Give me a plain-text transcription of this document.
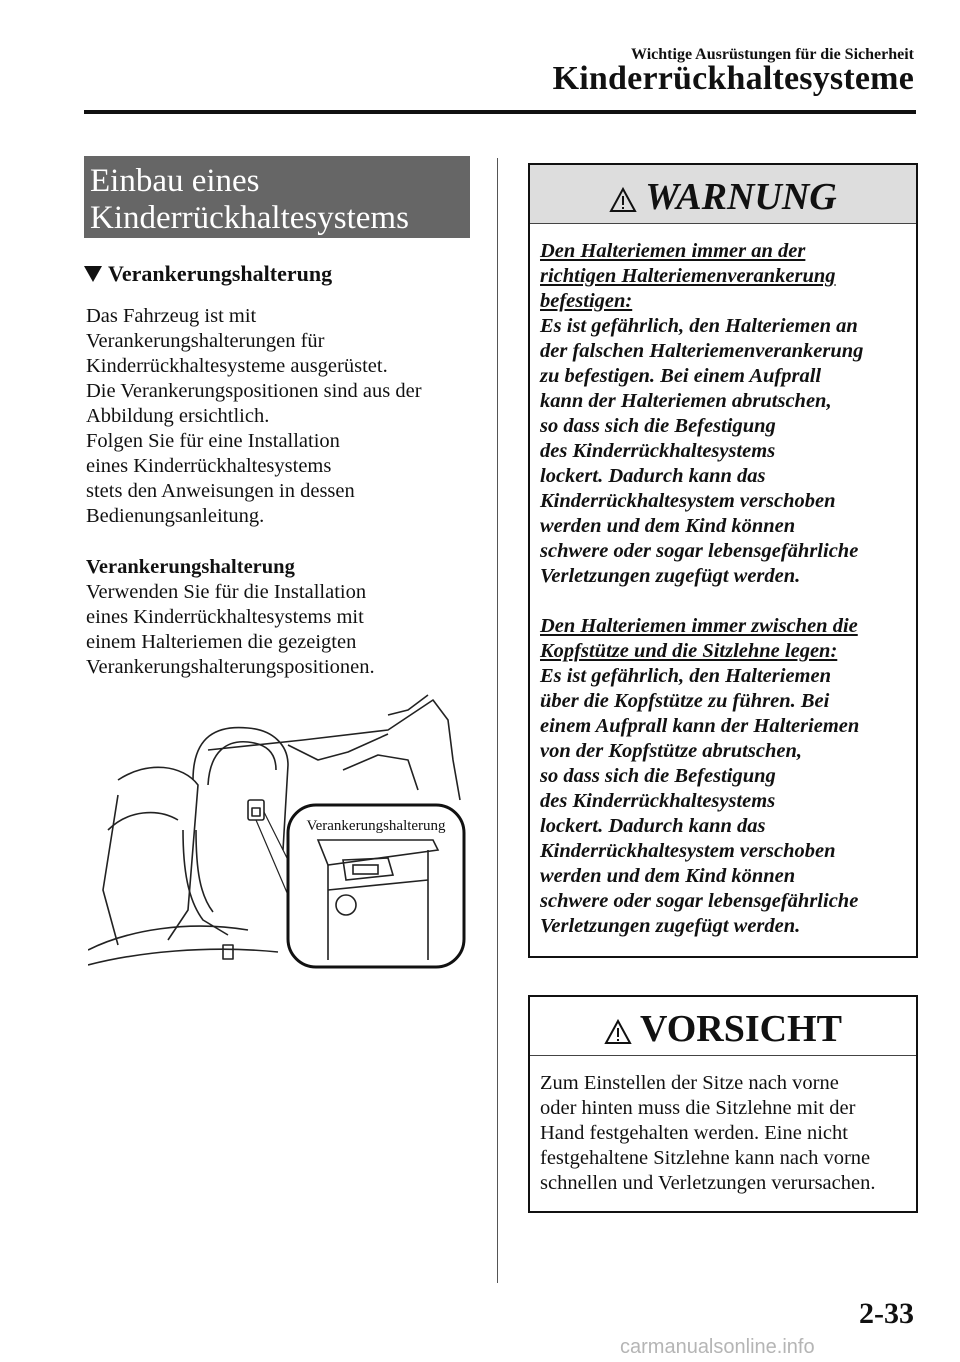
Wichtige Ausrüstungen für die Sicherheit
Kinderrückhaltesysteme
Einbau eines Kinderrückhaltesystems
Verankerungshalterung
Das Fahrzeug ist mit
Verankerungshalterungen für
Kinderrückhaltesysteme ausgerüstet.
Die Verankerungspositionen sind aus der
Abbildung ersichtlich.
Folgen Sie für eine Installation
eines Kinderrückhaltesystems
stets den Anweisungen in dessen
Bedienungsanleitung.
Verankerungshalterung
Verwenden Sie für die Installation
eines Kinderrückhaltesystems mit
einem Halteriemen die gezeigten
Verankerungshalterungspositionen.
Verankerungshalterung
WARNUNG
Den Halteriemen immer an der
richtigen Halteriemenverankerung
befestigen:
Es ist gefährlich, den Halteriemen an
der falschen Halteriemenverankerung
zu befestigen. Bei einem Aufprall
kann der Halteriemen abrutschen,
so dass sich die Befestigung
des Kinderrückhaltesystems
lockert. Dadurch kann das
Kinderrückhaltesystem verschoben
werden und dem Kind können
schwere oder sogar lebensgefährliche
Verletzungen zugefügt werden.
Den Halteriemen immer zwischen die
Kopfstütze und die Sitzlehne legen:
Es ist gefährlich, den Halteriemen
über die Kopfstütze zu führen. Bei
einem Aufprall kann der Halteriemen
von der Kopfstütze abrutschen,
so dass sich die Befestigung
des Kinderrückhaltesystems
lockert. Dadurch kann das
Kinderrückhaltesystem verschoben
werden und dem Kind können
schwere oder sogar lebensgefährliche
Verletzungen zugefügt werden.
VORSICHT
Zum Einstellen der Sitze nach vorne
oder hinten muss die Sitzlehne mit der
Hand festgehalten werden. Eine nicht
festgehaltene Sitzlehne kann nach vorne
schnellen und Verletzungen verursachen.
2-33
carmanualsonline.info
